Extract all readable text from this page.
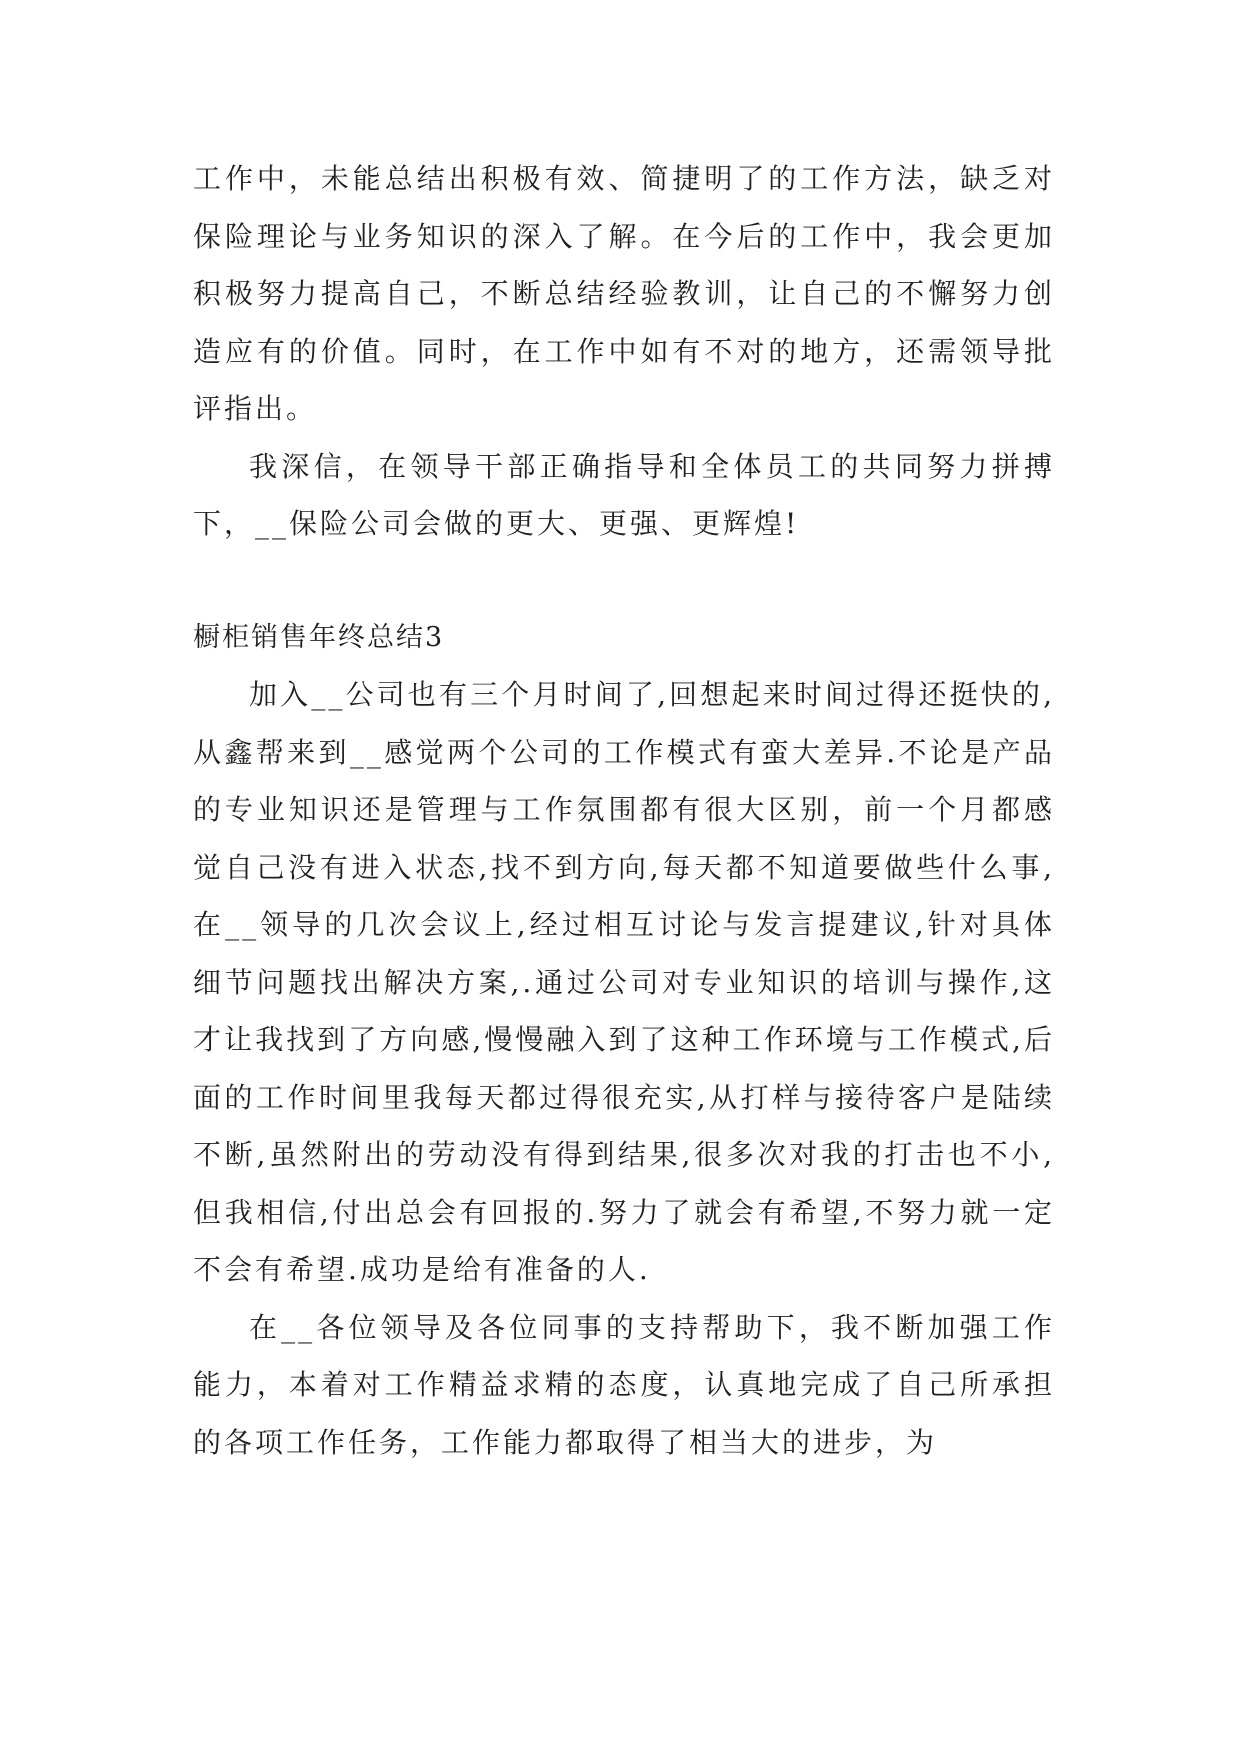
工作中，未能总结出积极有效、简捷明了的工作方法，缺乏对保险理论与业务知识的深入了解。在今后的工作中，我会更加积极努力提高自己，不断总结经验教训，让自己的不懈努力创造应有的价值。同时，在工作中如有不对的地方，还需领导批评指出。

我深信，在领导干部正确指导和全体员工的共同努力拼搏下，__保险公司会做的更大、更强、更辉煌!

橱柜销售年终总结3

加入__公司也有三个月时间了,回想起来时间过得还挺快的,从鑫帮来到__感觉两个公司的工作模式有蛮大差异.不论是产品的专业知识还是管理与工作氛围都有很大区别，前一个月都感觉自己没有进入状态,找不到方向,每天都不知道要做些什么事,在__领导的几次会议上,经过相互讨论与发言提建议,针对具体细节问题找出解决方案,.通过公司对专业知识的培训与操作,这才让我找到了方向感,慢慢融入到了这种工作环境与工作模式,后面的工作时间里我每天都过得很充实,从打样与接待客户是陆续不断,虽然附出的劳动没有得到结果,很多次对我的打击也不小,但我相信,付出总会有回报的.努力了就会有希望,不努力就一定不会有希望.成功是给有准备的人.

在__各位领导及各位同事的支持帮助下，我不断加强工作能力，本着对工作精益求精的态度，认真地完成了自己所承担的各项工作任务，工作能力都取得了相当大的进步，为
